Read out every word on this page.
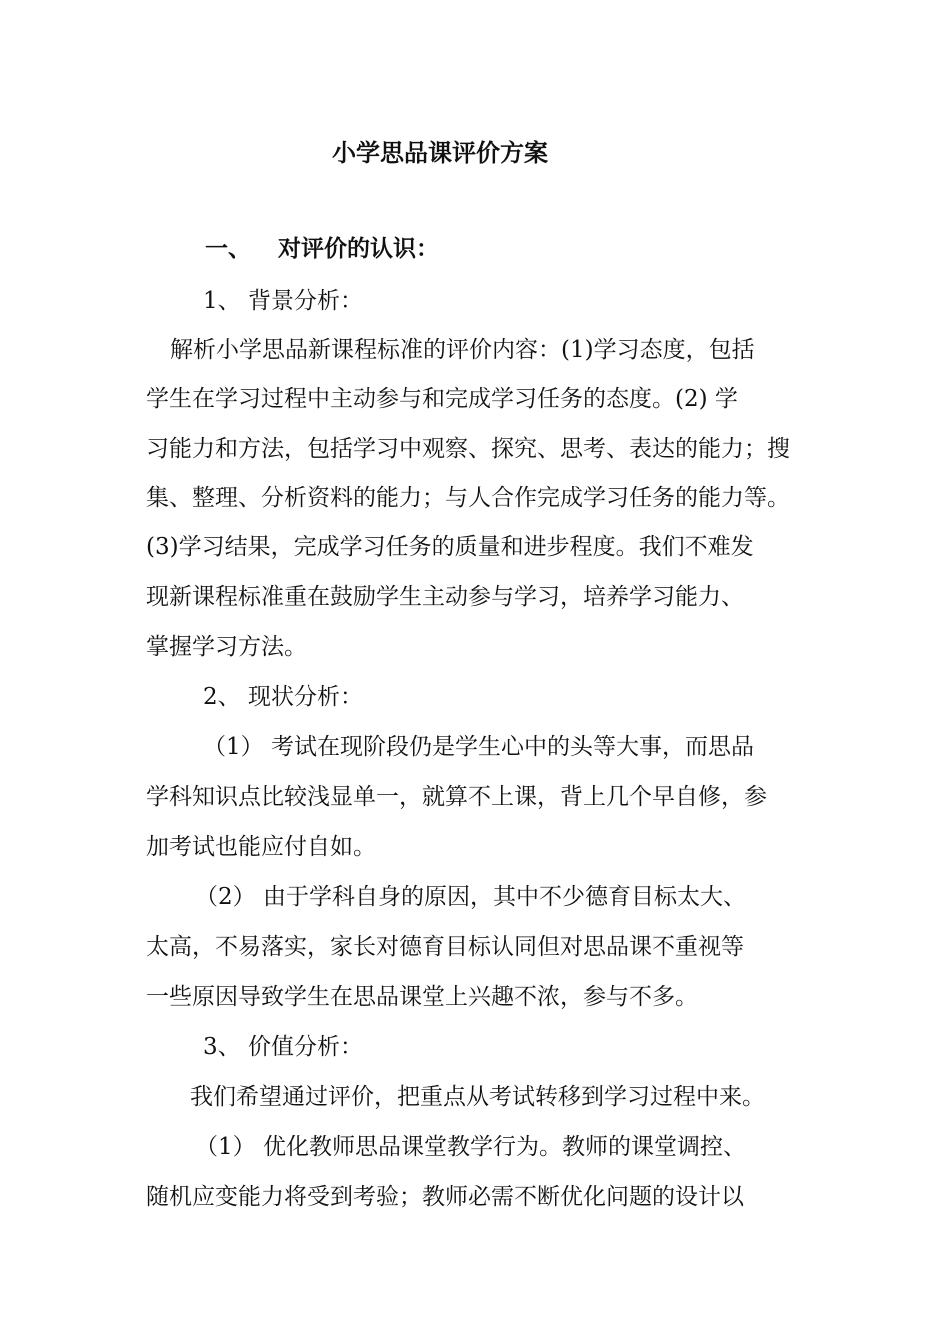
小学思品课评价方案
一、 对评价的认识：
1、 背景分析：
解析小学思品新课程标准的评价内容：(1)学习态度，包括
学生在学习过程中主动参与和完成学习任务的态度。(2) 学
习能力和方法，包括学习中观察、探究、思考、表达的能力；搜
集、整理、分析资料的能力；与人合作完成学习任务的能力等。
(3)学习结果，完成学习任务的质量和进步程度。我们不难发
现新课程标准重在鼓励学生主动参与学习，培养学习能力、
掌握学习方法。
2、 现状分析：
（1） 考试在现阶段仍是学生心中的头等大事，而思品
学科知识点比较浅显单一，就算不上课，背上几个早自修，参
加考试也能应付自如。
（2） 由于学科自身的原因，其中不少德育目标太大、
太高，不易落实，家长对德育目标认同但对思品课不重视等
一些原因导致学生在思品课堂上兴趣不浓，参与不多。
3、 价值分析：
我们希望通过评价，把重点从考试转移到学习过程中来。
（1） 优化教师思品课堂教学行为。教师的课堂调控、
随机应变能力将受到考验；教师必需不断优化问题的设计以
